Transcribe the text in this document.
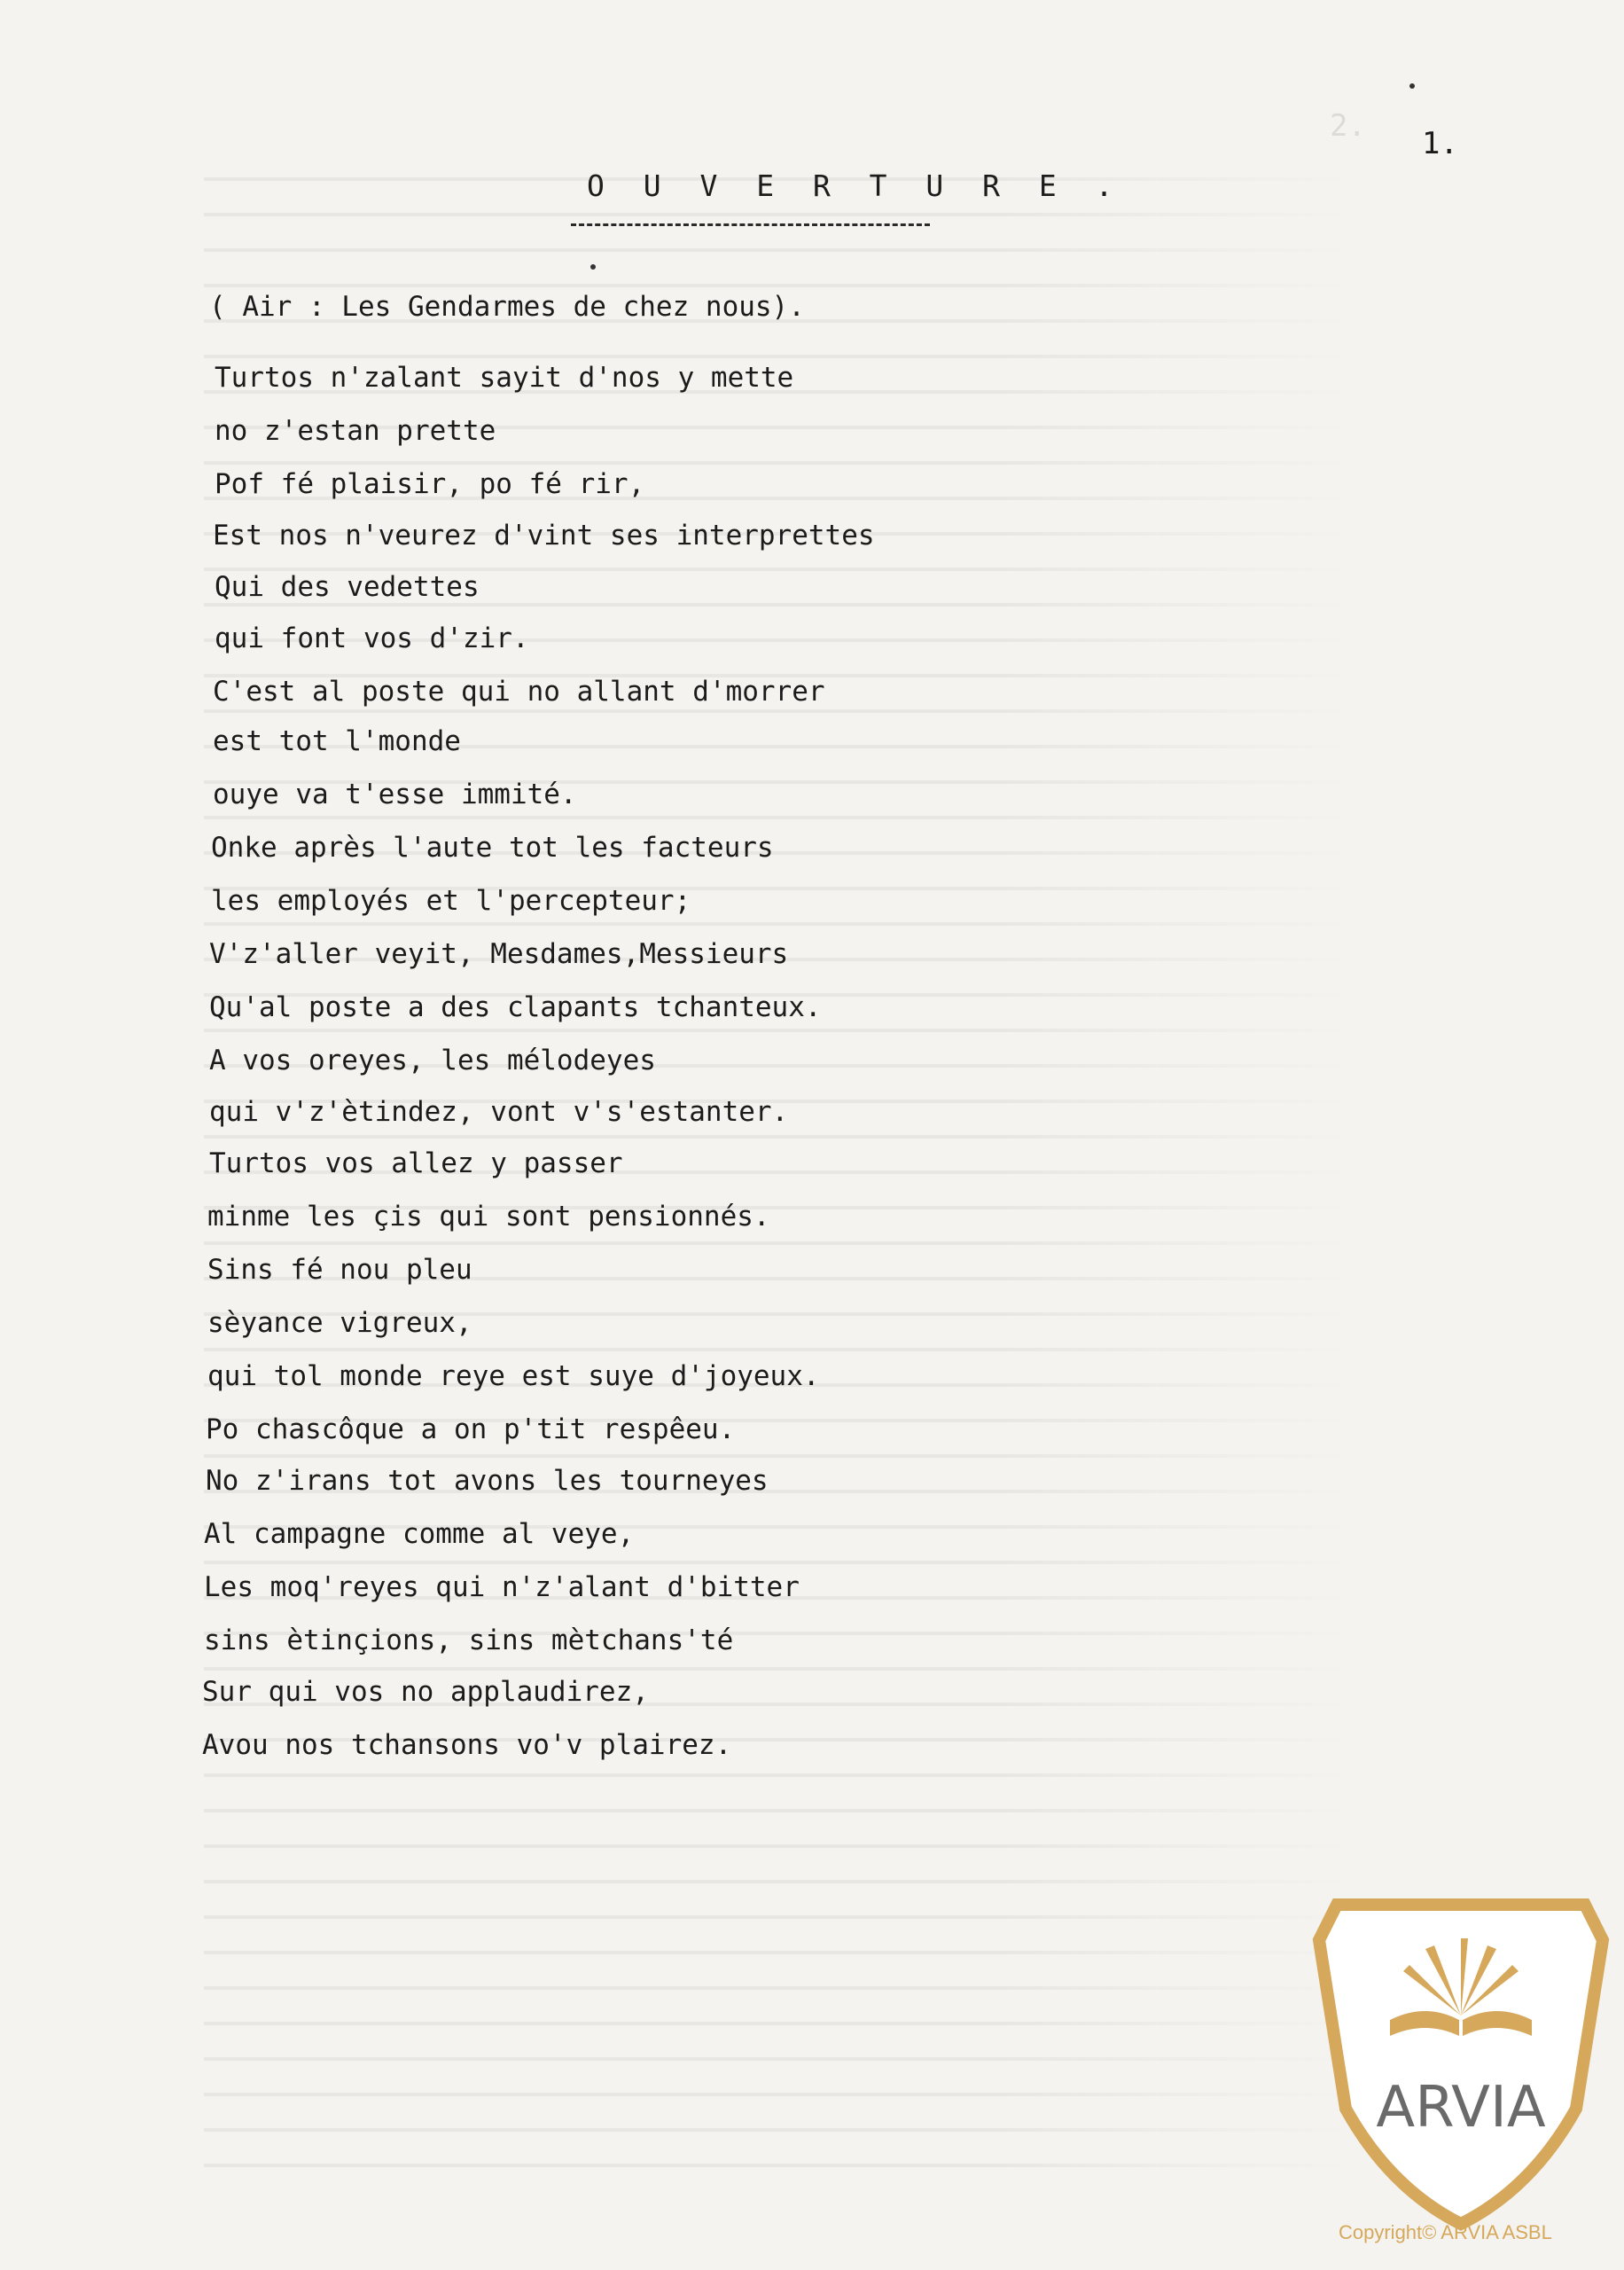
1.
2.
O U V E R T U R E .
( Air : Les Gendarmes de chez nous).
Turtos n'zalant sayit d'nos y mette
no z'estan prette
Pof fé plaisir, po fé rir,
Est nos n'veurez d'vint ses interprettes
Qui des vedettes
qui font vos d'zir.
C'est al poste qui no allant d'morrer
est tot l'monde
ouye va t'esse immité.
Onke après l'aute tot les facteurs
les employés et l'percepteur;
V'z'aller veyit, Mesdames,Messieurs
Qu'al poste a des clapants tchanteux.
A vos oreyes, les mélodeyes
qui v'z'ètindez, vont v's'estanter.
Turtos vos allez y passer
minme les çis qui sont pensionnés.
Sins fé nou pleu
sèyance vigreux,
qui tol monde reye est suye d'joyeux.
Po chascôque a on p'tit respêeu.
No z'irans tot avons les tourneyes
Al campagne comme al veye,
Les moq'reyes qui n'z'alant d'bitter
sins ètinçions, sins mètchans'té
Sur qui vos no applaudirez,
Avou nos tchansons vo'v plairez.
ARVIA
Copyright© ARVIA ASBL
